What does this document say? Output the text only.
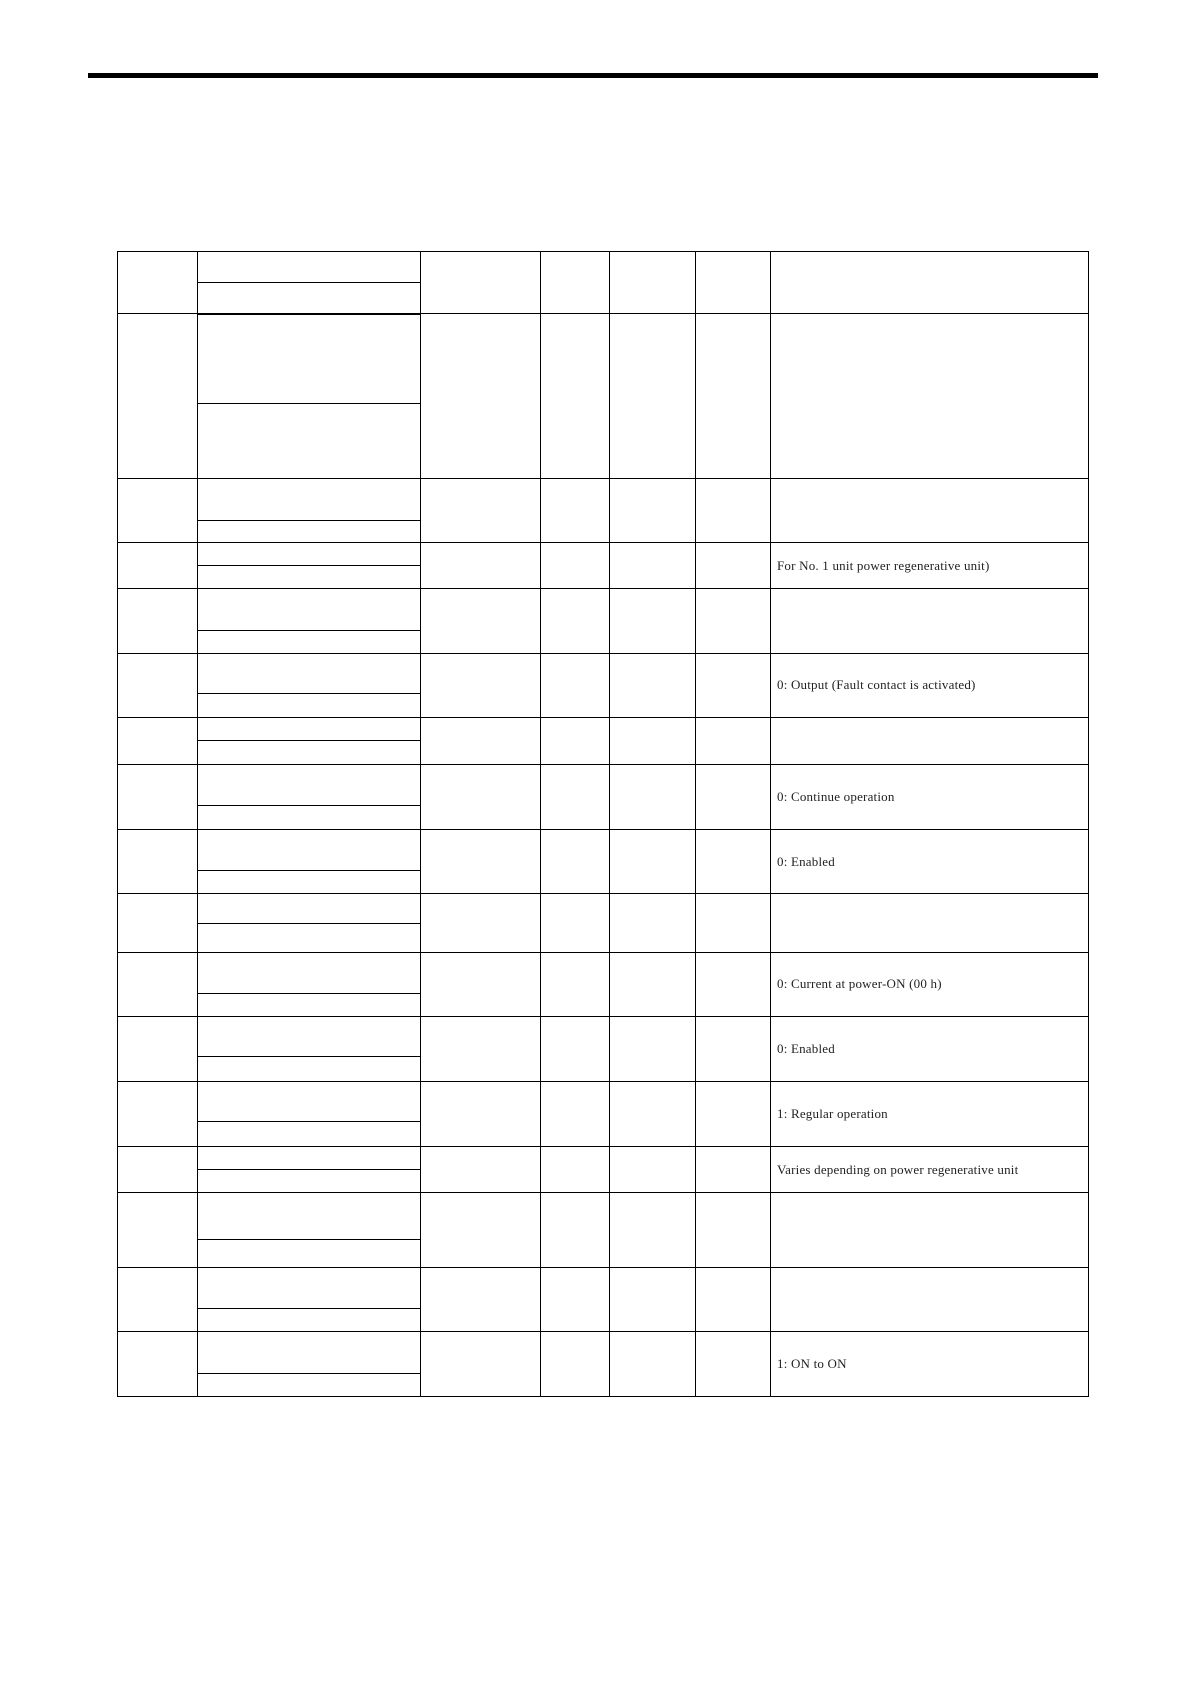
						For No. 1 unit power regenerative unit)

						0: Output (Fault contact is activated)

						0: Continue operation

						0: Enabled

						0: Current at power-ON (00 h)

						0: Enabled

						1: Regular operation

						Varies depending on power regenerative unit

						1: ON to ON
